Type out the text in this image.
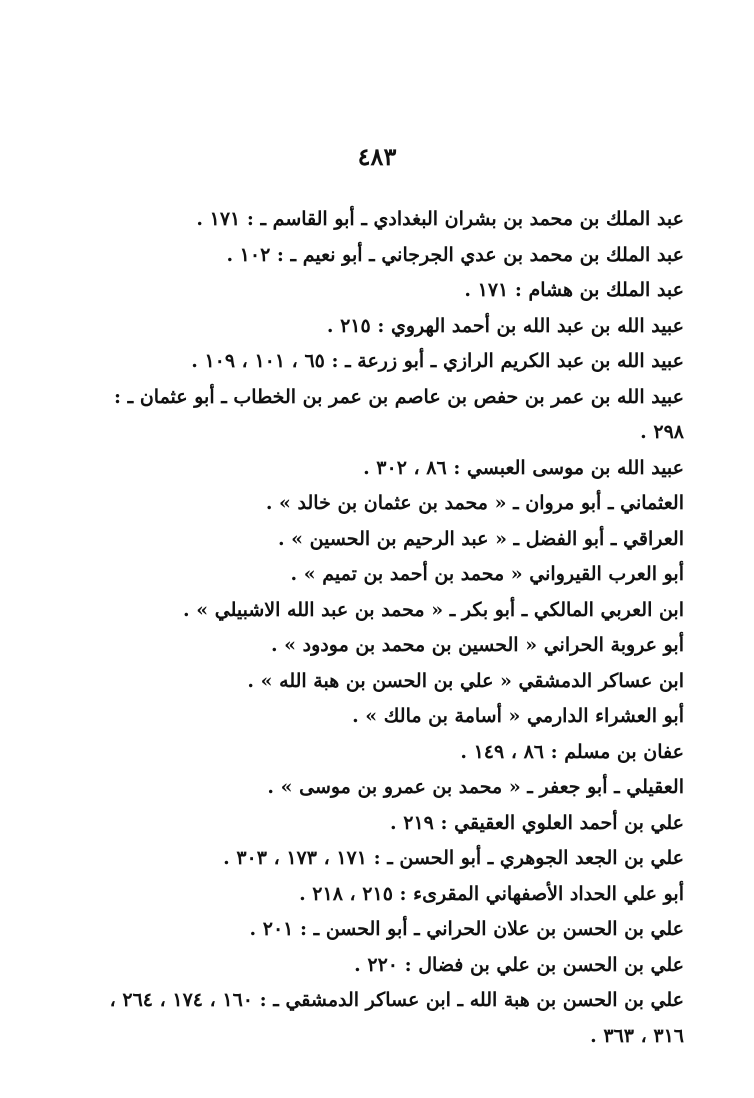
٤٨٣
عبد الملك بن محمد بن بشران البغدادي ـ أبو القاسم ـ : ١٧١ .
عبد الملك بن محمد بن عدي الجرجاني ـ أبو نعيم ـ : ١٠٢ .
عبد الملك بن هشام : ١٧١ .
عبيد الله بن عبد الله بن أحمد الهروي : ٢١٥ .
عبيد الله بن عبد الكريم الرازي ـ أبو زرعة ـ : ٦٥ ، ١٠١ ، ١٠٩ .
عبيد الله بن عمر بن حفص بن عاصم بن عمر بن الخطاب ـ أبو عثمان ـ :
٢٩٨ .
عبيد الله بن موسى العبسي : ٨٦ ، ٣٠٢ .
العثماني ـ أبو مروان ـ « محمد بن عثمان بن خالد » .
العراقي ـ أبو الفضل ـ « عبد الرحيم بن الحسين » .
أبو العرب القيرواني « محمد بن أحمد بن تميم » .
ابن العربي المالكي ـ أبو بكر ـ « محمد بن عبد الله الاشبيلي » .
أبو عروبة الحراني « الحسين بن محمد بن مودود » .
ابن عساكر الدمشقي « علي بن الحسن بن هبة الله » .
أبو العشراء الدارمي « أسامة بن مالك » .
عفان بن مسلم : ٨٦ ، ١٤٩ .
العقيلي ـ أبو جعفر ـ « محمد بن عمرو بن موسى » .
علي بن أحمد العلوي العقيقي : ٢١٩ .
علي بن الجعد الجوهري ـ أبو الحسن ـ : ١٧١ ، ١٧٣ ، ٣٠٣ .
أبو علي الحداد الأصفهاني المقرىء : ٢١٥ ، ٢١٨ .
علي بن الحسن بن علان الحراني ـ أبو الحسن ـ : ٢٠١ .
علي بن الحسن بن علي بن فضال : ٢٢٠ .
علي بن الحسن بن هبة الله ـ ابن عساكر الدمشقي ـ : ١٦٠ ، ١٧٤ ، ٢٦٤ ،
٣١٦ ، ٣٦٣ .
